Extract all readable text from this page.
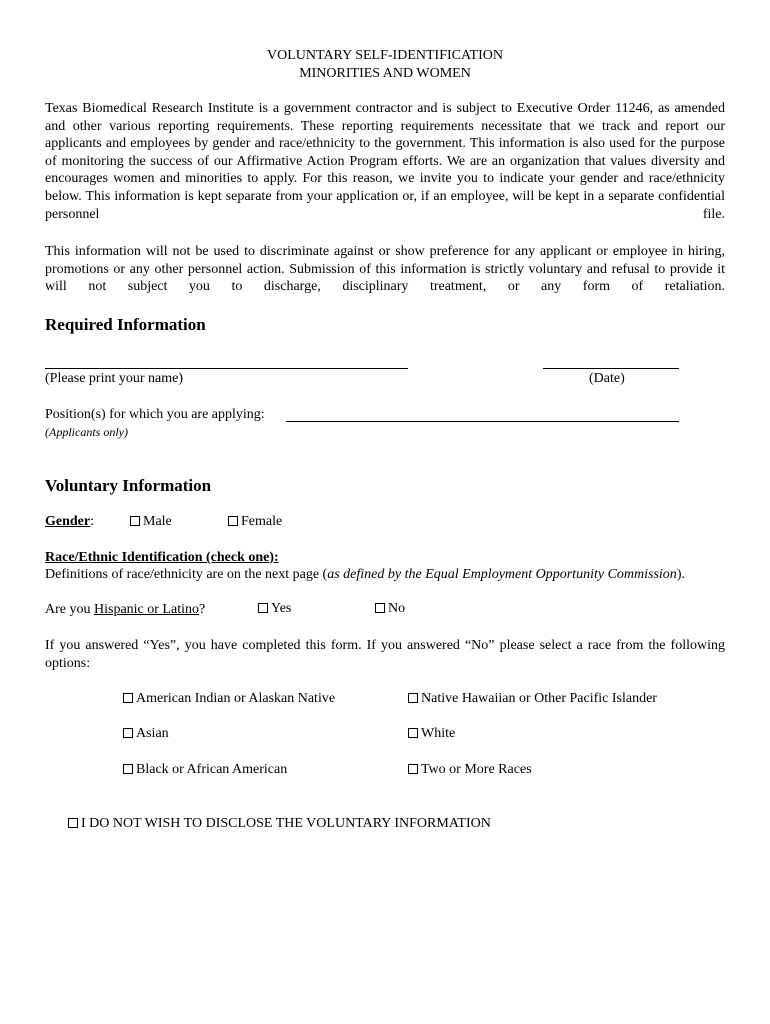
VOLUNTARY SELF-IDENTIFICATION
MINORITIES AND WOMEN
Texas Biomedical Research Institute is a government contractor and is subject to Executive Order 11246, as amended and other various reporting requirements. These reporting requirements necessitate that we track and report our applicants and employees by gender and race/ethnicity to the government. This information is also used for the purpose of monitoring the success of our Affirmative Action Program efforts. We are an organization that values diversity and encourages women and minorities to apply. For this reason, we invite you to indicate your gender and race/ethnicity below. This information is kept separate from your application or, if an employee, will be kept in a separate confidential personnel file.
This information will not be used to discriminate against or show preference for any applicant or employee in hiring, promotions or any other personnel action. Submission of this information is strictly voluntary and refusal to provide it will not subject you to discharge, disciplinary treatment, or any form of retaliation.
Required Information
(Please print your name)	(Date)
Position(s) for which you are applying:
(Applicants only)
Voluntary Information
Gender:	Male	Female
Race/Ethnic Identification (check one):
Definitions of race/ethnicity are on the next page (as defined by the Equal Employment Opportunity Commission).
Are you Hispanic or Latino?	Yes	No
If you answered “Yes”, you have completed this form. If you answered “No” please select a race from the following options:
American Indian or Alaskan Native	Native Hawaiian or Other Pacific Islander
Asian	White
Black or African American	Two or More Races
I DO NOT WISH TO DISCLOSE THE VOLUNTARY INFORMATION
